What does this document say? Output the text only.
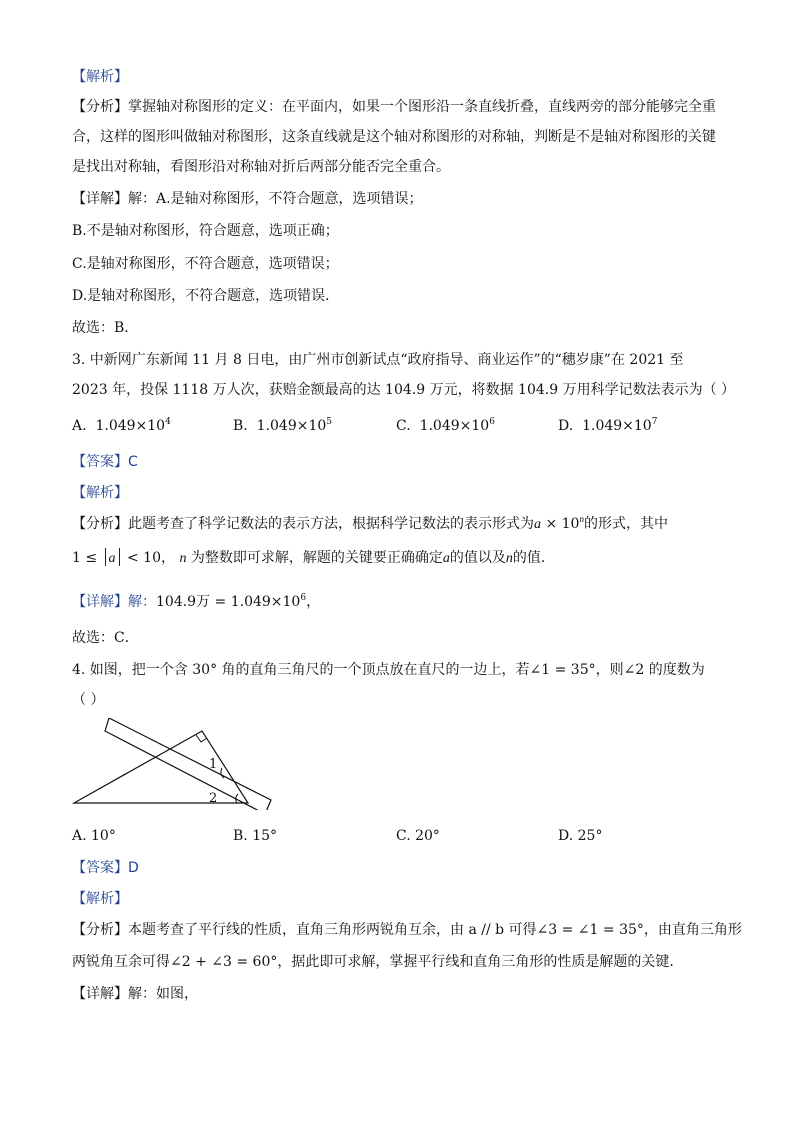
【解析】
【分析】掌握轴对称图形的定义：在平面内，如果一个图形沿一条直线折叠，直线两旁的部分能够完全重
合，这样的图形叫做轴对称图形，这条直线就是这个轴对称图形的对称轴，判断是不是轴对称图形的关键
是找出对称轴，看图形沿对称轴对折后两部分能否完全重合。
【详解】解：A.是轴对称图形，不符合题意，选项错误；
B.不是轴对称图形，符合题意，选项正确；
C.是轴对称图形，不符合题意，选项错误；
D.是轴对称图形，不符合题意，选项错误．
故选：B．
3. 中新网广东新闻 11 月 8 日电，由广州市创新试点“政府指导、商业运作”的“穗岁康”在 2021 至
2023 年，投保 1118 万人次，获赔金额最高的达 104.9 万元，将数据 104.9 万用科学记数法表示为（ ）
A. $1.049\times 10^4$	B. $1.049\times 10^5$	C. $1.049\times 10^6$	D. $1.049\times 10^7$
【答案】C
【解析】
【分析】此题考查了科学记数法的表示方法，根据科学记数法的表示形式为$a \times 10^n$的形式，其中
1 ≤ a < 10， n 为整数即可求解，解题的关键要正确确定a的值以及n的值．
【详解】解：104.9万 = $1.049\times 10^6$，
故选：C．
4. 如图，把一个含 30° 角的直角三角尺的一个顶点放在直尺的一边上，若∠1 = 35°，则∠2 的度数为
（ ）
1
2
A. 10°	B. 15°	C. 20°	D. 25°
【答案】D
【解析】
【分析】本题考查了平行线的性质，直角三角形两锐角互余，由 a // b 可得∠3 = ∠1 = 35°，由直角三角形
两锐角互余可得∠2 + ∠3 = 60°，据此即可求解，掌握平行线和直角三角形的性质是解题的关键．
【详解】解：如图，
